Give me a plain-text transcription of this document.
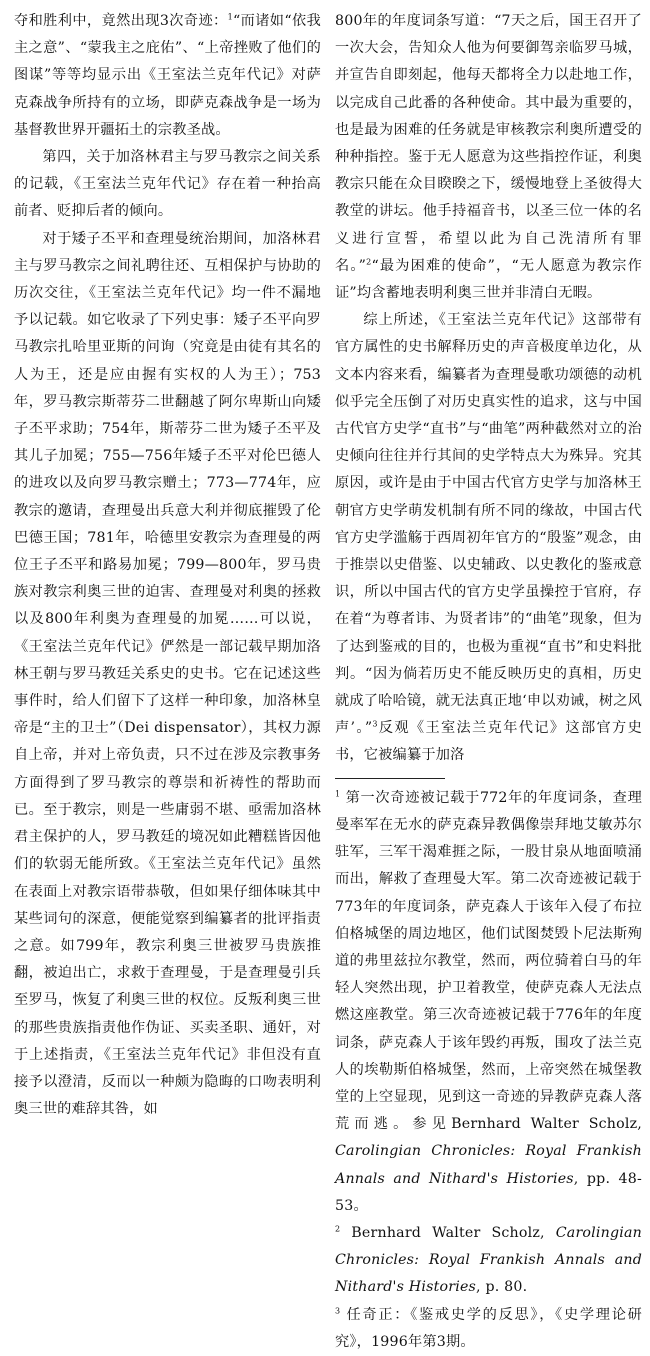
夺和胜利中，竟然出现3次奇迹：$^1$“而诸如“依我主之意”、“蒙我主之庇佑”、“上帝挫败了他们的图谋”等等均显示出《王室法兰克年代记》对萨克森战争所持有的立场，即萨克森战争是一场为基督教世界开疆拓土的宗教圣战。

第四，关于加洛林君主与罗马教宗之间关系的记载，《王室法兰克年代记》存在着一种抬高前者、贬抑后者的倾向。

对于矮子丕平和查理曼统治期间，加洛林君主与罗马教宗之间礼聘往还、互相保护与协助的历次交往，《王室法兰克年代记》均一件不漏地予以记载。如它收录了下列史事：矮子丕平向罗马教宗扎哈里亚斯的问询（究竟是由徒有其名的人为王，还是应由握有实权的人为王）；753年，罗马教宗斯蒂芬二世翻越了阿尔卑斯山向矮子丕平求助；754年，斯蒂芬二世为矮子丕平及其儿子加冕；755—756年矮子丕平对伦巴德人的进攻以及向罗马教宗赠土；773—774年，应教宗的邀请，查理曼出兵意大利并彻底摧毁了伦巴德王国；781年，哈德里安教宗为查理曼的两位王子丕平和路易加冕；799—800年，罗马贵族对教宗利奥三世的迫害、查理曼对利奥的拯救以及800年利奥为查理曼的加冕……可以说，《王室法兰克年代记》俨然是一部记载早期加洛林王朝与罗马教廷关系史的史书。它在记述这些事件时，给人们留下了这样一种印象，加洛林皇帝是“主的卫士”（Dei dispensator），其权力源自上帝，并对上帝负责，只不过在涉及宗教事务方面得到了罗马教宗的尊崇和祈祷性的帮助而已。至于教宗，则是一些庸弱不堪、亟需加洛林君主保护的人，罗马教廷的境况如此糟糕皆因他们的软弱无能所致。《王室法兰克年代记》虽然在表面上对教宗语带恭敬，但如果仔细体味其中某些词句的深意，便能觉察到编纂者的批评指责之意。如799年，教宗利奥三世被罗马贵族推翻，被迫出亡，求救于查理曼，于是查理曼引兵至罗马，恢复了利奥三世的权位。反叛利奥三世的那些贵族指责他作伪证、买卖圣职、通奸，对于上述指责，《王室法兰克年代记》非但没有直接予以澄清，反而以一种颇为隐晦的口吻表明利奥三世的难辞其咎，如

800年的年度词条写道：“7天之后，国王召开了一次大会，告知众人他为何要御驾亲临罗马城，并宣告自即刻起，他每天都将全力以赴地工作，以完成自己此番的各种使命。其中最为重要的，也是最为困难的任务就是审核教宗利奥所遭受的种种指控。鉴于无人愿意为这些指控作证，利奥教宗只能在众目睽睽之下，缓慢地登上圣彼得大教堂的讲坛。他手持福音书，以圣三位一体的名义进行宣誓，希望以此为自己洗清所有罪名。”$^2$“最为困难的使命”，“无人愿意为教宗作证”均含蓄地表明利奥三世并非清白无暇。

综上所述，《王室法兰克年代记》这部带有官方属性的史书解释历史的声音极度单边化，从文本内容来看，编纂者为查理曼歌功颂德的动机似乎完全压倒了对历史真实性的追求，这与中国古代官方史学“直书”与“曲笔”两种截然对立的治史倾向往往并行其间的史学特点大为殊异。究其原因，或许是由于中国古代官方史学与加洛林王朝官方史学萌发机制有所不同的缘故，中国古代官方史学滥觞于西周初年官方的“殷鉴”观念，由于推崇以史借鉴、以史辅政、以史教化的鉴戒意识，所以中国古代的官方史学虽操控于官府，存在着“为尊者讳、为贤者讳”的“曲笔”现象，但为了达到鉴戒的目的，也极为重视“直书”和史料批判。“因为倘若历史不能反映历史的真相，历史就成了哈哈镜，就无法真正地‘申以劝诫，树之风声’。”$^3$反观《王室法兰克年代记》这部官方史书，它被编纂于加洛

$^1$ 第一次奇迹被记载于772年的年度词条，查理曼率军在无水的萨克森异教偶像崇拜地艾敏苏尔驻军，三军干渴难捱之际，一股甘泉从地面喷涌而出，解救了查理曼大军。第二次奇迹被记载于773年的年度词条，萨克森人于该年入侵了布拉伯格城堡的周边地区，他们试图焚毁卜尼法斯殉道的弗里兹拉尔教堂，然而，两位骑着白马的年轻人突然出现，护卫着教堂，使萨克森人无法点燃这座教堂。第三次奇迹被记载于776年的年度词条，萨克森人于该年毁约再叛，围攻了法兰克人的埃勒斯伯格城堡，然而，上帝突然在城堡教堂的上空显现，见到这一奇迹的异教萨克森人落荒而逃。参见Bernhard Walter Scholz, Carolingian Chronicles: Royal Frankish Annals and Nithard's Histories, pp. 48-53。

$^2$ Bernhard Walter Scholz, Carolingian Chronicles: Royal Frankish Annals and Nithard's Histories, p. 80.

$^3$ 任奇正：《鉴戒史学的反思》，《史学理论研究》，1996年第3期。
